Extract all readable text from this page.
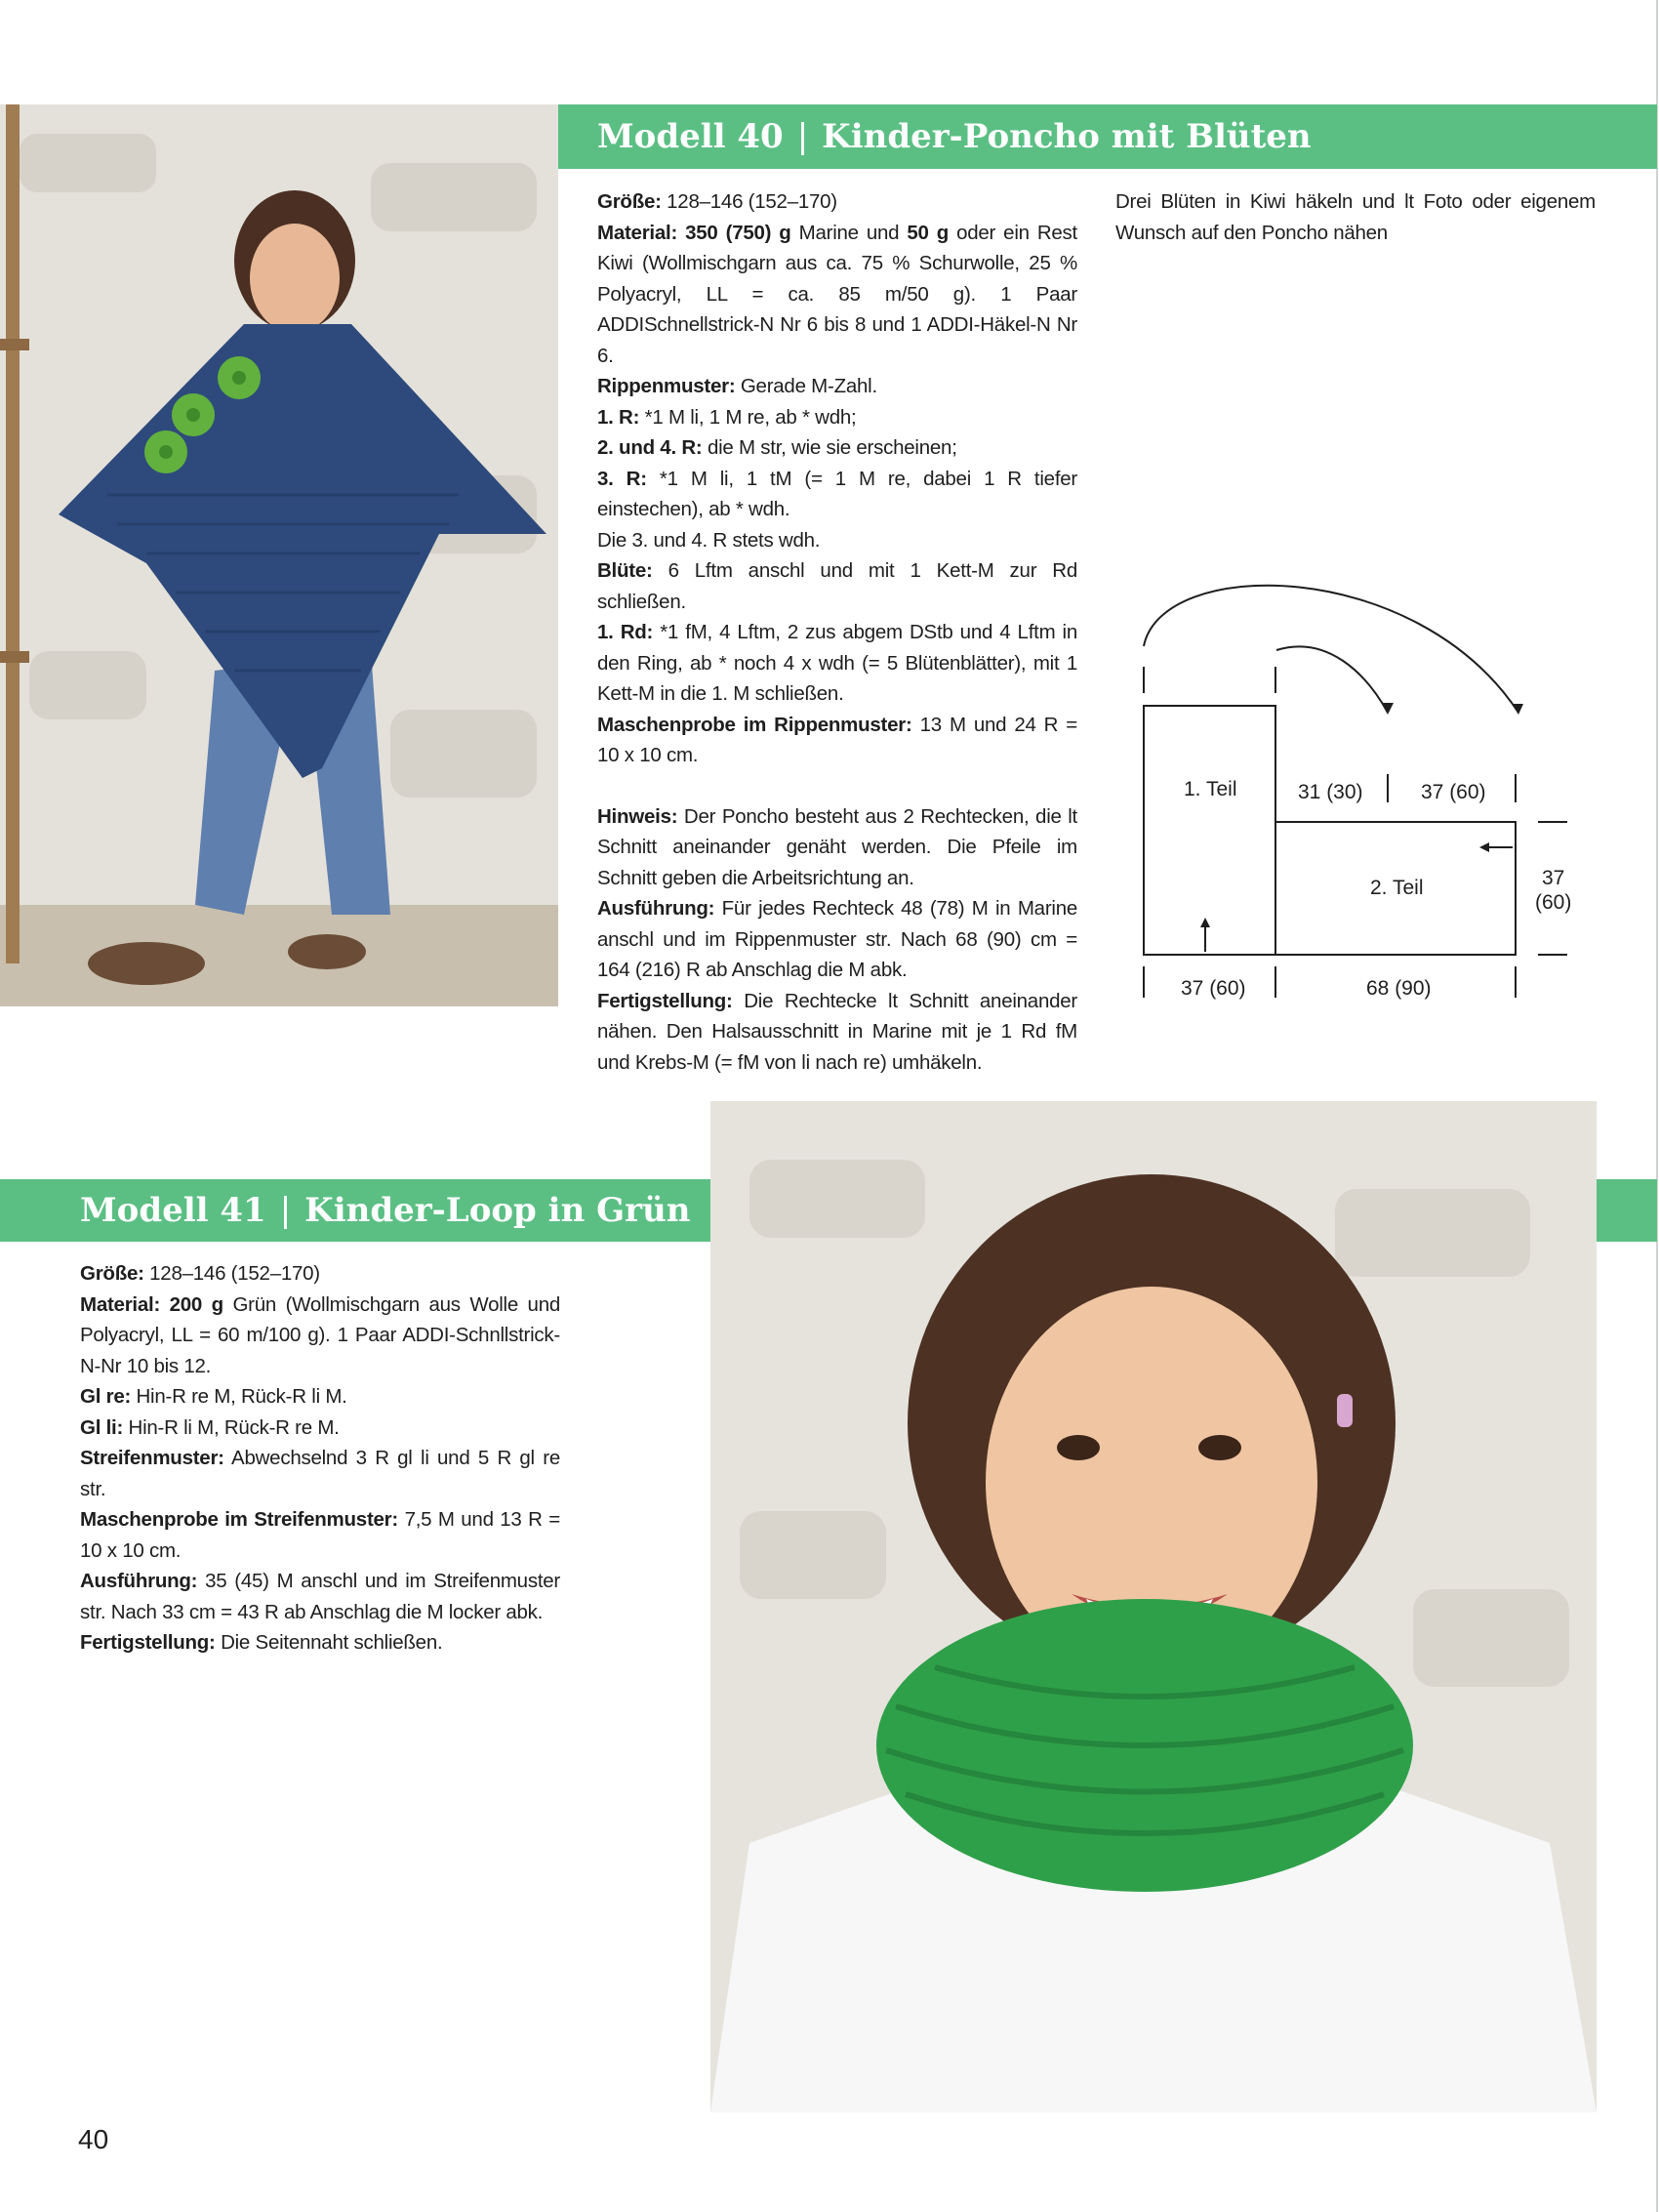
Modell 40 | Kinder-Poncho mit Blüten

Größe: 128–146 (152–170)

Material: 350 (750) g Marine und 50 g oder ein Rest Kiwi (Wollmischgarn aus ca. 75 % Schurwolle, 25 % Polyacryl, LL = ca. 85 m/50 g). 1 Paar ADDISchnellstrick-N Nr 6 bis 8 und 1 ADDI-Häkel-N Nr 6.

Rippenmuster: Gerade M-Zahl.

1. R: *1 M li, 1 M re, ab * wdh;

2. und 4. R: die M str, wie sie erscheinen;

3. R: *1 M li, 1 tM (= 1 M re, dabei 1 R tiefer einstechen), ab * wdh.

Die 3. und 4. R stets wdh.

Blüte: 6 Lftm anschl und mit 1 Kett-M zur Rd schließen.

1. Rd: *1 fM, 4 Lftm, 2 zus abgem DStb und 4 Lftm in den Ring, ab * noch 4 x wdh (= 5 Blütenblätter), mit 1 Kett-M in die 1. M schließen.

Maschenprobe im Rippenmuster: 13 M und 24 R = 10 x 10 cm.

Hinweis: Der Poncho besteht aus 2 Rechtecken, die lt Schnitt aneinander genäht werden. Die Pfeile im Schnitt geben die Arbeitsrichtung an.

Ausführung: Für jedes Rechteck 48 (78) M in Marine anschl und im Rippenmuster str. Nach 68 (90) cm = 164 (216) R ab Anschlag die M abk.

Fertigstellung: Die Rechtecke lt Schnitt aneinander nähen. Den Halsausschnitt in Marine mit je 1 Rd fM und Krebs-M (= fM von li nach re) umhäkeln.

Drei Blüten in Kiwi häkeln und lt Foto oder eigenem Wunsch auf den Poncho nähen

1. Teil
2. Teil
31 (30)	37 (60)
37
(60)
37 (60)	68 (90)
Modell 41 | Kinder-Loop in Grün

Größe: 128–146 (152–170)

Material: 200 g Grün (Wollmischgarn aus Wolle und Polyacryl, LL = 60 m/100 g). 1 Paar ADDI-Schnllstrick-N-Nr 10 bis 12.

Gl re: Hin-R re M, Rück-R li M.

Gl li: Hin-R li M, Rück-R re M.

Streifenmuster: Abwechselnd 3 R gl li und 5 R gl re str.

Maschenprobe im Streifenmuster: 7,5 M und 13 R = 10 x 10 cm.

Ausführung: 35 (45) M anschl und im Streifenmuster str. Nach 33 cm = 43 R ab Anschlag die M locker abk.

Fertigstellung: Die Seitennaht schließen.

40
